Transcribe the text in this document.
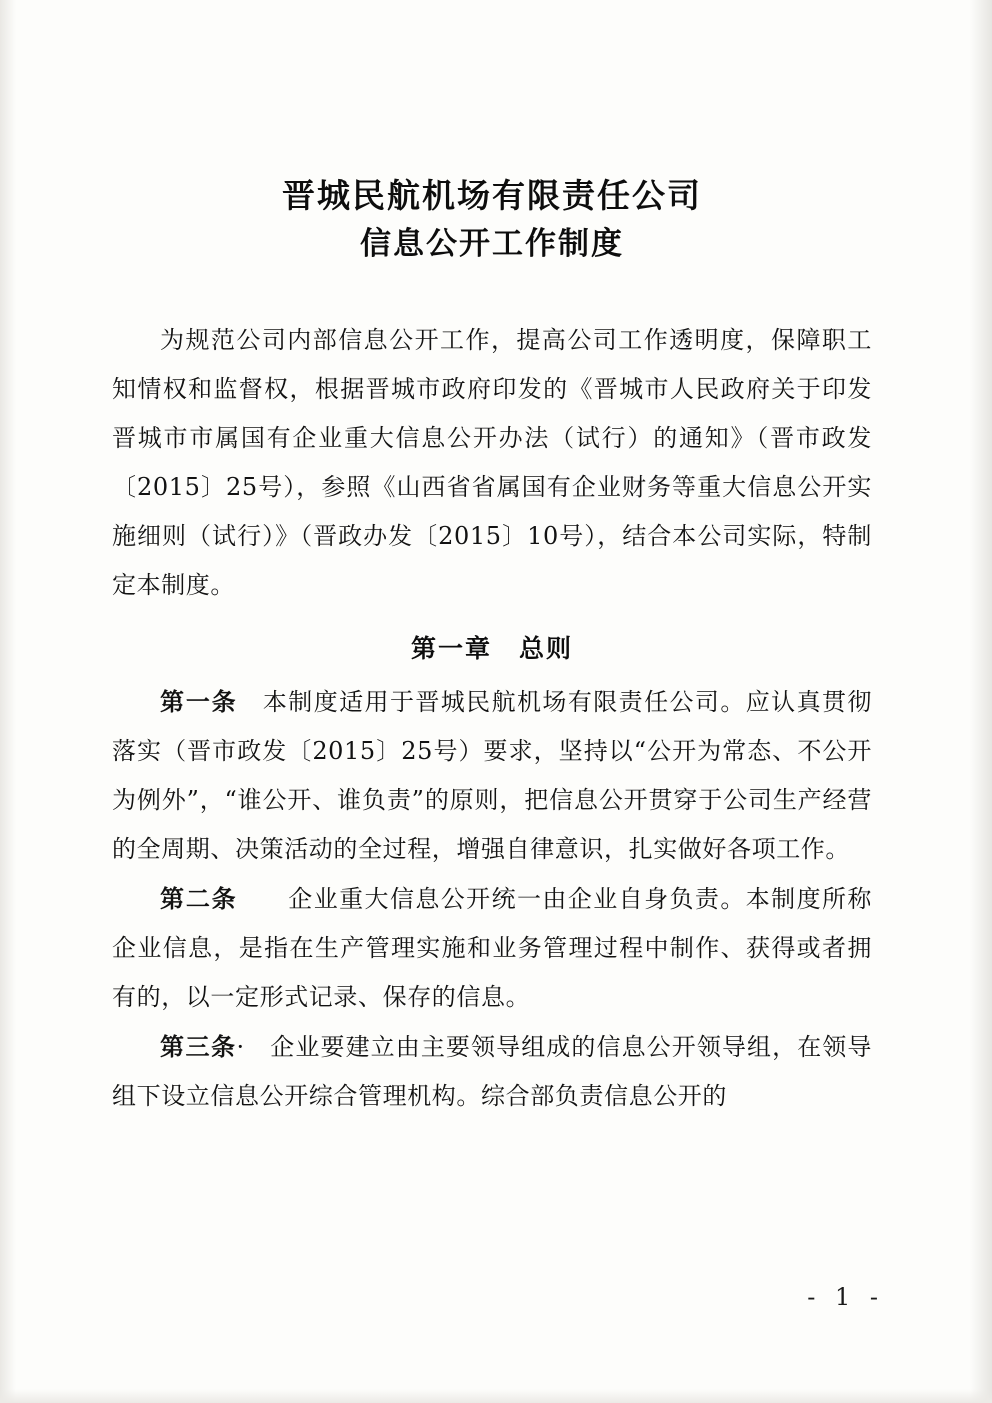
晋城民航机场有限责任公司
信息公开工作制度

为规范公司内部信息公开工作，提高公司工作透明度，保障职工知情权和监督权，根据晋城市政府印发的《晋城市人民政府关于印发晋城市市属国有企业重大信息公开办法（试行）的通知》（晋市政发〔2015〕25号），参照《山西省省属国有企业财务等重大信息公开实施细则（试行）》（晋政办发〔2015〕10号），结合本公司实际，特制定本制度。

第一章　总则

第一条　本制度适用于晋城民航机场有限责任公司。应认真贯彻落实（晋市政发〔2015〕25号）要求，坚持以“公开为常态、不公开为例外”，“谁公开、谁负责”的原则，把信息公开贯穿于公司生产经营的全周期、决策活动的全过程，增强自律意识，扎实做好各项工作。

第二条　　企业重大信息公开统一由企业自身负责。本制度所称企业信息，是指在生产管理实施和业务管理过程中制作、获得或者拥有的，以一定形式记录、保存的信息。

第三条·　企业要建立由主要领导组成的信息公开领导组，在领导组下设立信息公开综合管理机构。综合部负责信息公开的

- 1 -
